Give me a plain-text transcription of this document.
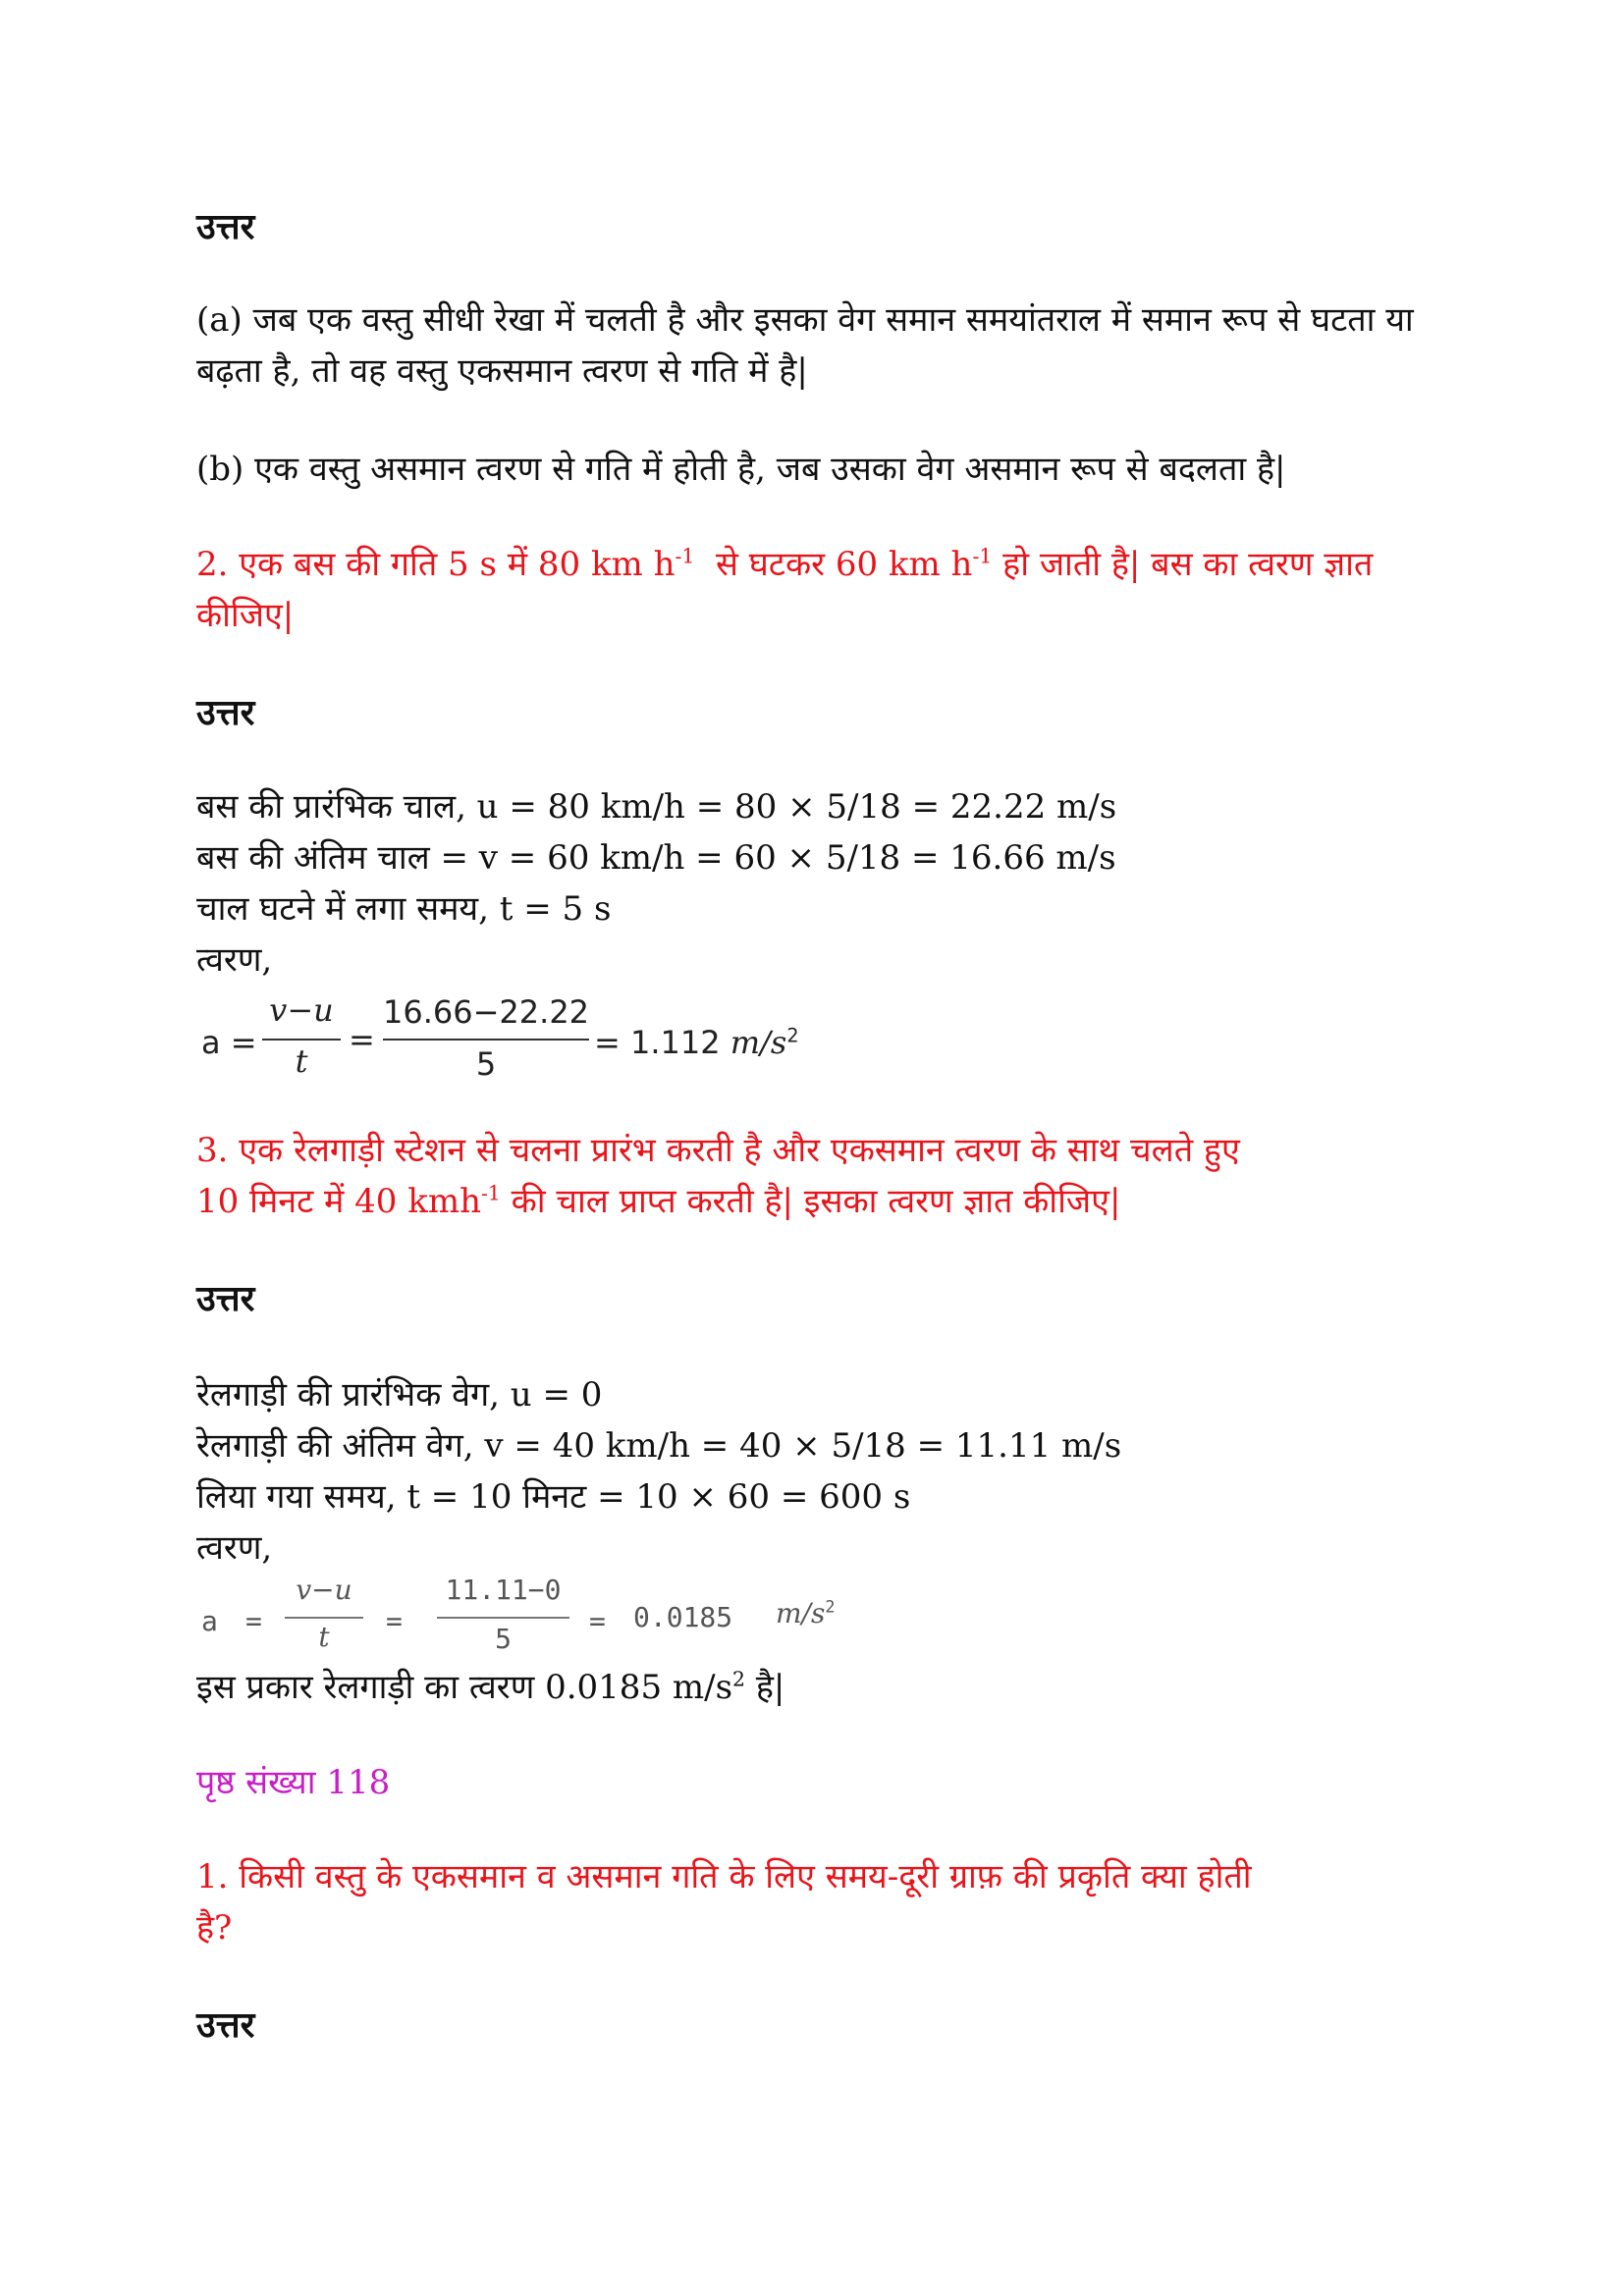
उत्तर
(a) जब एक वस्तु सीधी रेखा में चलती है और इसका वेग समान समयांतराल में समान रूप से घटता या बढ़ता है, तो वह वस्तु एकसमान त्वरण से गति में है|
(b) एक वस्तु असमान त्वरण से गति में होती है, जब उसका वेग असमान रूप से बदलता है|
2. एक बस की गति 5 s में 80 km $h^{-1}$  से घटकर 60 km $h^{-1}$ हो जाती है| बस का त्वरण ज्ञात
कीजिए|
उत्तर
बस की प्रारंभिक चाल, u = 80 km/h = 80 × 5/18 = 22.22 m/s
बस की अंतिम चाल = v = 60 km/h = 60 × 5/18 = 16.66 m/s
चाल घटने में लगा समय, t = 5 s
त्वरण,
a =
v−u
t
=
16.66−22.22
5
= 1.112 $m/s^2$
3. एक रेलगाड़ी स्टेशन से चलना प्रारंभ करती है और एकसमान त्वरण के साथ चलते हुए
10 मिनट में 40 kmh$^{-1}$ की चाल प्राप्त करती है| इसका त्वरण ज्ञात कीजिए|
उत्तर
रेलगाड़ी की प्रारंभिक वेग, u = 0
रेलगाड़ी की अंतिम वेग, v = 40 km/h = 40 × 5/18 = 11.11 m/s
लिया गया समय, t = 10 मिनट = 10 × 60 = 600 s
त्वरण,
a =
v−u
t	=
11.11−0
5
= 0.0185 $m/s^2$
इस प्रकार रेलगाड़ी का त्वरण 0.0185 $m/s^2$ है|
पृष्ठ संख्या 118
1. किसी वस्तु के एकसमान व असमान गति के लिए समय-दूरी ग्राफ़ की प्रकृति क्या होती
है?
उत्तर
